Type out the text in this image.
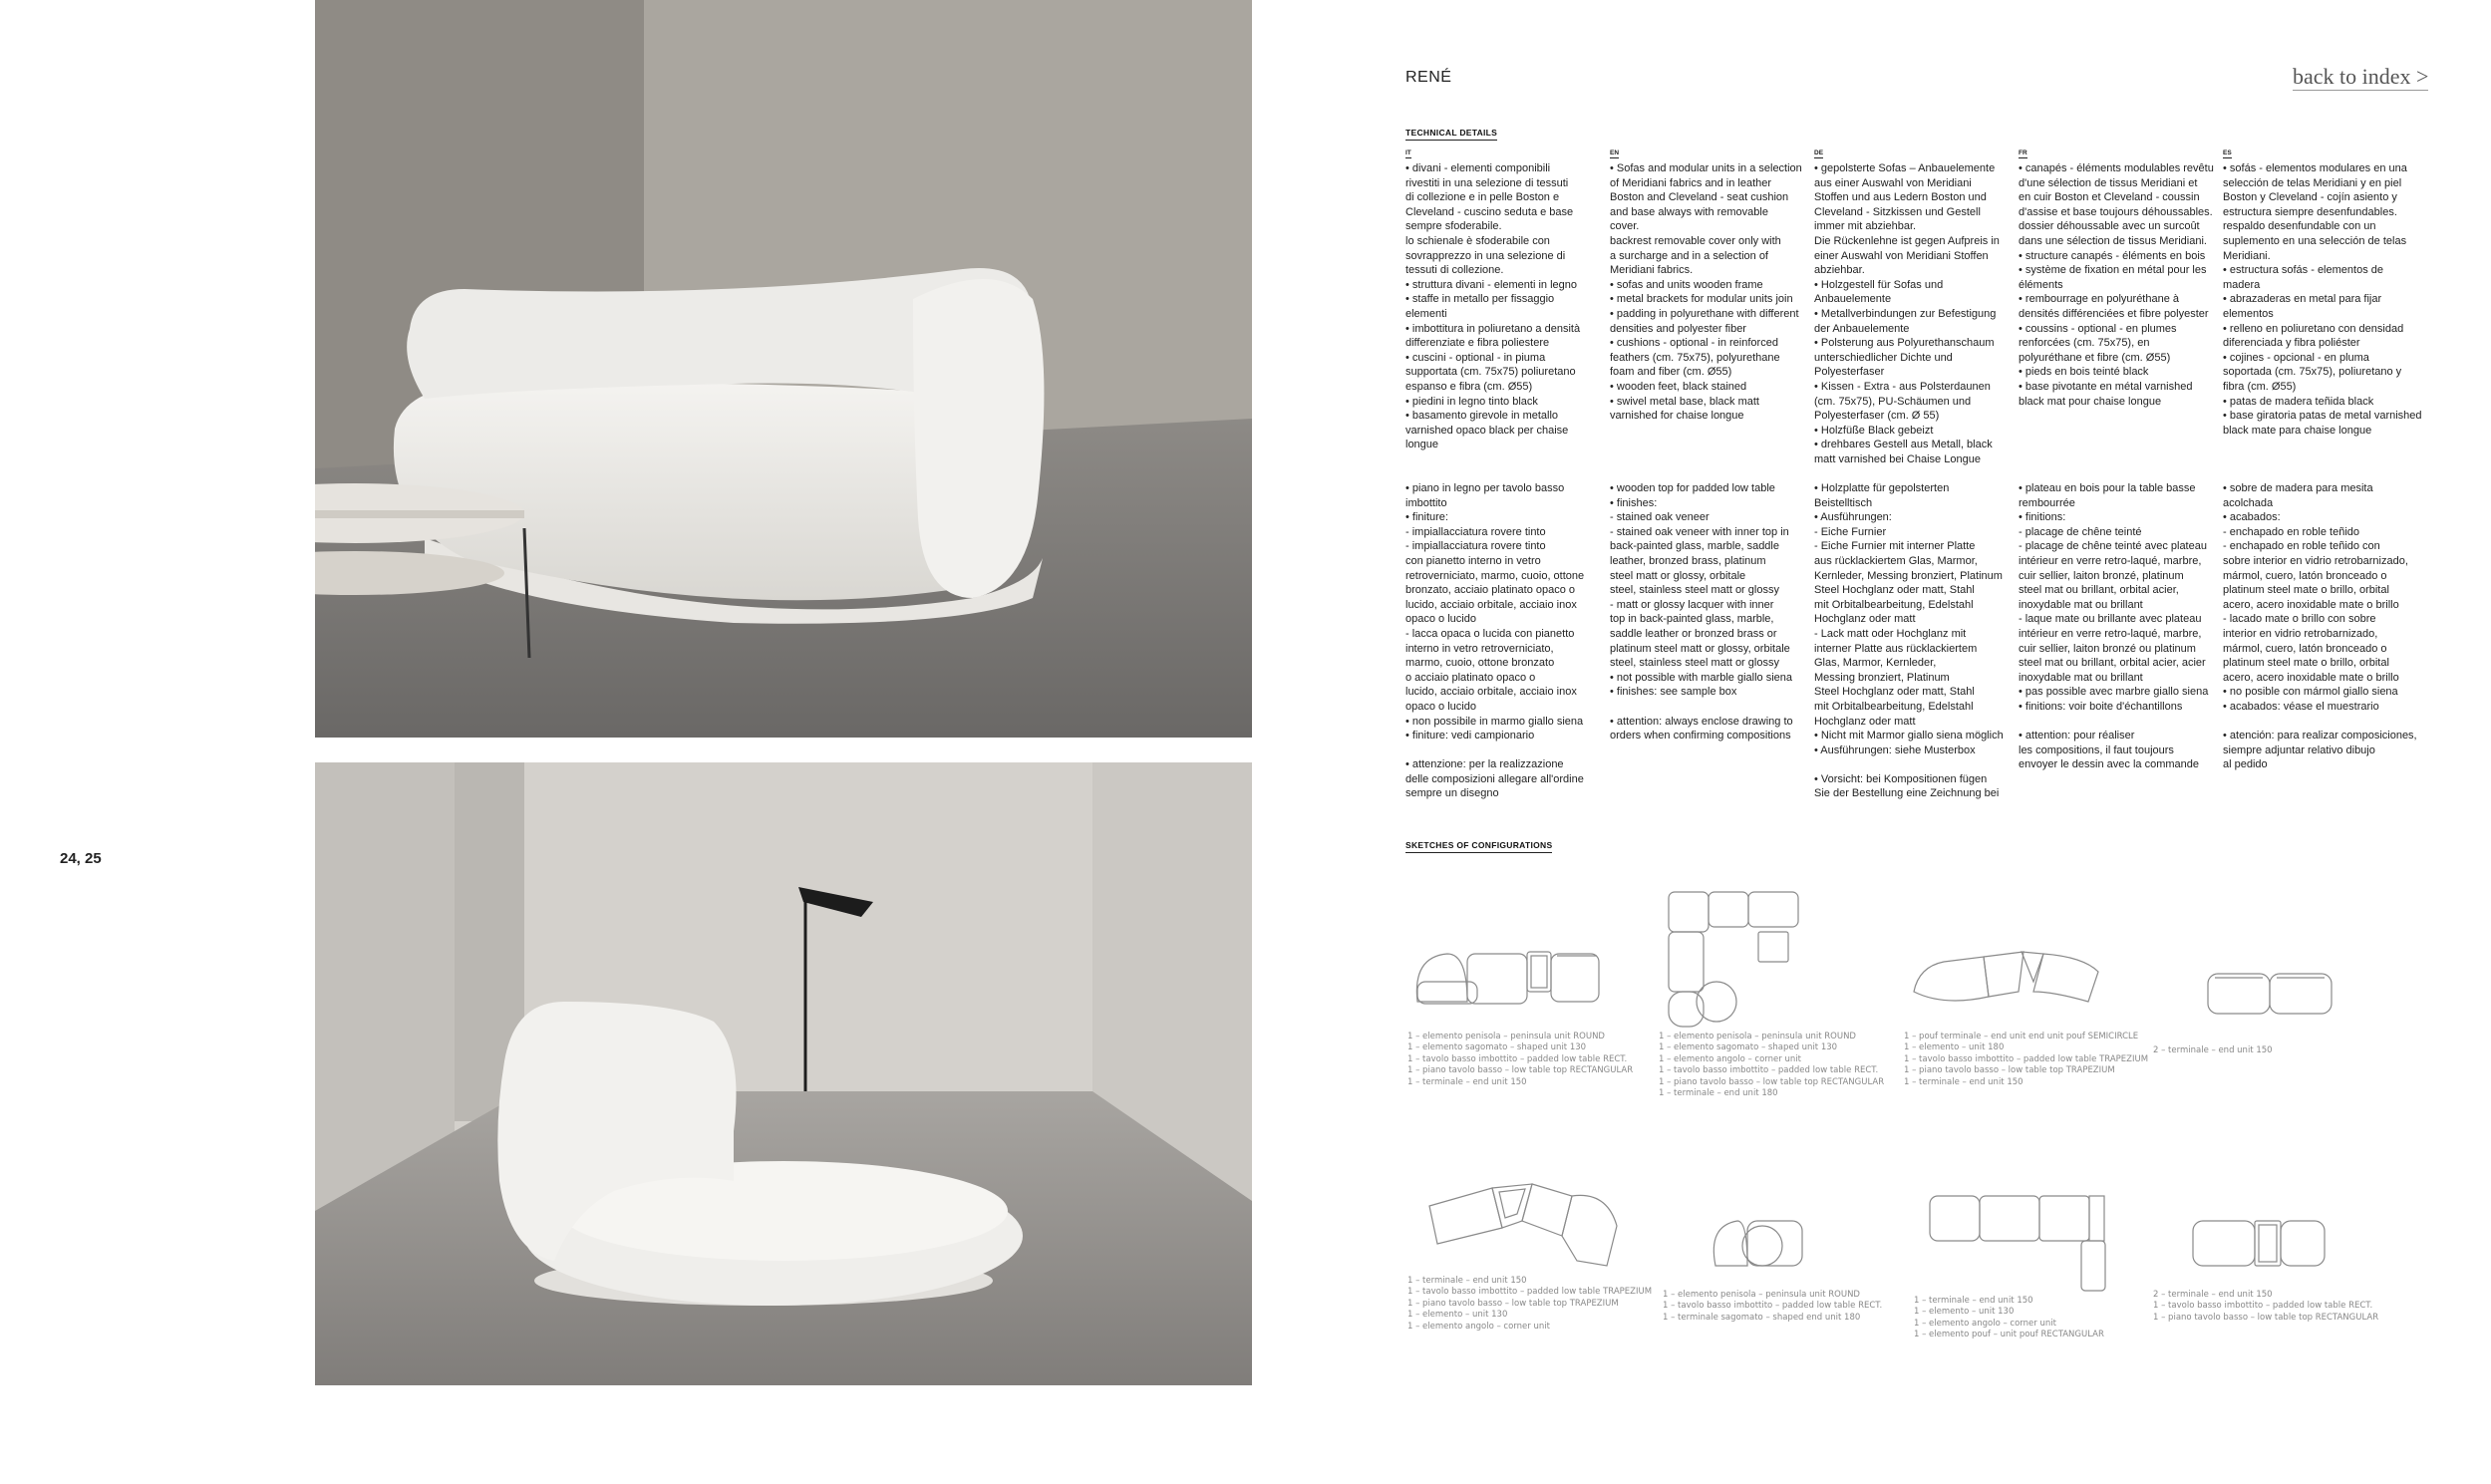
24, 25
RENÉ	back to index >
TECHNICAL DETAILS
IT

• divani - elementi componibili
rivestiti in una selezione di tessuti
di collezione e in pelle Boston e
Cleveland - cuscino seduta e base
sempre sfoderabile.
lo schienale è sfoderabile con
sovrapprezzo in una selezione di
tessuti di collezione.
• struttura divani - elementi in legno
• staffe in metallo per fissaggio
elementi
• imbottitura in poliuretano a densità
differenziate e fibra poliestere
• cuscini - optional - in piuma
supportata (cm. 75x75) poliuretano
espanso e fibra (cm. Ø55)
• piedini in legno tinto black
• basamento girevole in metallo
varnished opaco black per chaise
longue

• piano in legno per tavolo basso
imbottito
• finiture:
- impiallacciatura rovere tinto
- impiallacciatura rovere tinto
con pianetto interno in vetro
retroverniciato, marmo, cuoio, ottone
bronzato, acciaio platinato opaco o
lucido, acciaio orbitale, acciaio inox
opaco o lucido
- lacca opaca o lucida con pianetto
interno in vetro retroverniciato,
marmo, cuoio, ottone bronzato
o acciaio platinato opaco o
lucido, acciaio orbitale, acciaio inox
opaco o lucido
• non possibile in marmo giallo siena
• finiture: vedi campionario

• attenzione: per la realizzazione
delle composizioni allegare all'ordine
sempre un disegno

EN

• Sofas and modular units in a selection
of Meridiani fabrics and in leather
Boston and Cleveland - seat cushion
and base always with removable
cover.
backrest removable cover only with
a surcharge and in a selection of
Meridiani fabrics.
• sofas and units wooden frame
• metal brackets for modular units join
• padding in polyurethane with different
densities and polyester fiber
• cushions - optional - in reinforced
feathers (cm. 75x75), polyurethane
foam and fiber (cm. Ø55)
• wooden feet, black stained
• swivel metal base, black matt
varnished for chaise longue

• wooden top for padded low table
• finishes:
- stained oak veneer
- stained oak veneer with inner top in
back-painted glass, marble, saddle
leather, bronzed brass, platinum
steel matt or glossy, orbitale
steel, stainless steel matt or glossy
- matt or glossy lacquer with inner
top in back-painted glass, marble,
saddle leather or bronzed brass or
platinum steel matt or glossy, orbitale
steel, stainless steel matt or glossy
• not possible with marble giallo siena
• finishes: see sample box

• attention: always enclose drawing to
orders when confirming compositions

DE

• gepolsterte Sofas – Anbauelemente
aus einer Auswahl von Meridiani
Stoffen und aus Ledern Boston und
Cleveland - Sitzkissen und Gestell
immer mit abziehbar.
Die Rückenlehne ist gegen Aufpreis in
einer Auswahl von Meridiani Stoffen
abziehbar.
• Holzgestell für Sofas und
Anbauelemente
• Metallverbindungen zur Befestigung
der Anbauelemente
• Polsterung aus Polyurethanschaum
unterschiedlicher Dichte und
Polyesterfaser
• Kissen - Extra - aus Polsterdaunen
(cm. 75x75), PU-Schäumen und
Polyesterfaser (cm. Ø 55)
• Holzfüße Black gebeizt
• drehbares Gestell aus Metall, black
matt varnished bei Chaise Longue

• Holzplatte für gepolsterten
Beistelltisch
• Ausführungen:
- Eiche Furnier
- Eiche Furnier mit interner Platte
aus rücklackiertem Glas, Marmor,
Kernleder, Messing bronziert, Platinum
Steel Hochglanz oder matt, Stahl
mit Orbitalbearbeitung, Edelstahl
Hochglanz oder matt
- Lack matt oder Hochglanz mit
interner Platte aus rücklackiertem
Glas, Marmor, Kernleder,
Messing bronziert, Platinum
Steel Hochglanz oder matt, Stahl
mit Orbitalbearbeitung, Edelstahl
Hochglanz oder matt
• Nicht mit Marmor giallo siena möglich
• Ausführungen: siehe Musterbox

• Vorsicht: bei Kompositionen fügen
Sie der Bestellung eine Zeichnung bei

FR

• canapés - éléments modulables revêtu
d'une sélection de tissus Meridiani et
en cuir Boston et Cleveland - coussin
d'assise et base toujours déhoussables.
dossier déhoussable avec un surcoût
dans une sélection de tissus Meridiani.
• structure canapés - éléments en bois
• système de fixation en métal pour les
éléments
• rembourrage en polyuréthane à
densités différenciées et fibre polyester
• coussins - optional - en plumes
renforcées (cm. 75x75), en
polyuréthane et fibre (cm. Ø55)
• pieds en bois teinté black
• base pivotante en métal varnished
black mat pour chaise longue

• plateau en bois pour la table basse
rembourrée
• finitions:
- placage de chêne teinté
- placage de chêne teinté avec plateau
intérieur en verre retro-laqué, marbre,
cuir sellier, laiton bronzé, platinum
steel mat ou brillant, orbital acier,
inoxydable mat ou brillant
- laque mate ou brillante avec plateau
intérieur en verre retro-laqué, marbre,
cuir sellier, laiton bronzé ou platinum
steel mat ou brillant, orbital acier, acier
inoxydable mat ou brillant
• pas possible avec marbre giallo siena
• finitions: voir boite d'échantillons

• attention: pour réaliser
les compositions, il faut toujours
envoyer le dessin avec la commande

ES

• sofás - elementos modulares en una
selección de telas Meridiani y en piel
Boston y Cleveland - cojín asiento y
estructura siempre desenfundables.
respaldo desenfundable con un
suplemento en una selección de telas
Meridiani.
• estructura sofás - elementos de
madera
• abrazaderas en metal para fijar
elementos
• relleno en poliuretano con densidad
diferenciada y fibra poliéster
• cojines - opcional - en pluma
soportada (cm. 75x75), poliuretano y
fibra (cm. Ø55)
• patas de madera teñida black
• base giratoria patas de metal varnished
black mate para chaise longue

• sobre de madera para mesita
acolchada
• acabados:
- enchapado en roble teñido
- enchapado en roble teñido con
sobre interior en vidrio retrobarnizado,
mármol, cuero, latón bronceado o
platinum steel mate o brillo, orbital
acero, acero inoxidable mate o brillo
- lacado mate o brillo con sobre
interior en vidrio retrobarnizado,
mármol, cuero, latón bronceado o
platinum steel mate o brillo, orbital
acero, acero inoxidable mate o brillo
• no posible con mármol giallo siena
• acabados: véase el muestrario

• atención: para realizar composiciones,
siempre adjuntar relativo dibujo
al pedido

SKETCHES OF CONFIGURATIONS
1 – elemento penisola – peninsula unit ROUND
1 – elemento sagomato – shaped unit 130
1 – tavolo basso imbottito – padded low table RECT.
1 – piano tavolo basso – low table top RECTANGULAR
1 – terminale – end unit 150
1 – elemento penisola – peninsula unit ROUND
1 – elemento sagomato – shaped unit 130
1 – elemento angolo – corner unit
1 – tavolo basso imbottito – padded low table RECT.
1 – piano tavolo basso – low table top RECTANGULAR
1 – terminale – end unit 180
1 – pouf terminale – end unit end unit pouf SEMICIRCLE
1 – elemento – unit 180
1 – tavolo basso imbottito – padded low table TRAPEZIUM
1 – piano tavolo basso – low table top TRAPEZIUM
1 – terminale – end unit 150
2 – terminale – end unit 150
1 – terminale – end unit 150
1 – tavolo basso imbottito – padded low table TRAPEZIUM
1 – piano tavolo basso – low table top TRAPEZIUM
1 – elemento – unit 130
1 – elemento angolo – corner unit
1 – elemento penisola – peninsula unit ROUND
1 – tavolo basso imbottito – padded low table RECT.
1 – terminale sagomato – shaped end unit 180
1 – terminale – end unit 150
1 – elemento – unit 130
1 – elemento angolo – corner unit
1 – elemento pouf – unit pouf RECTANGULAR
2 – terminale – end unit 150
1 – tavolo basso imbottito – padded low table RECT.
1 – piano tavolo basso – low table top RECTANGULAR
